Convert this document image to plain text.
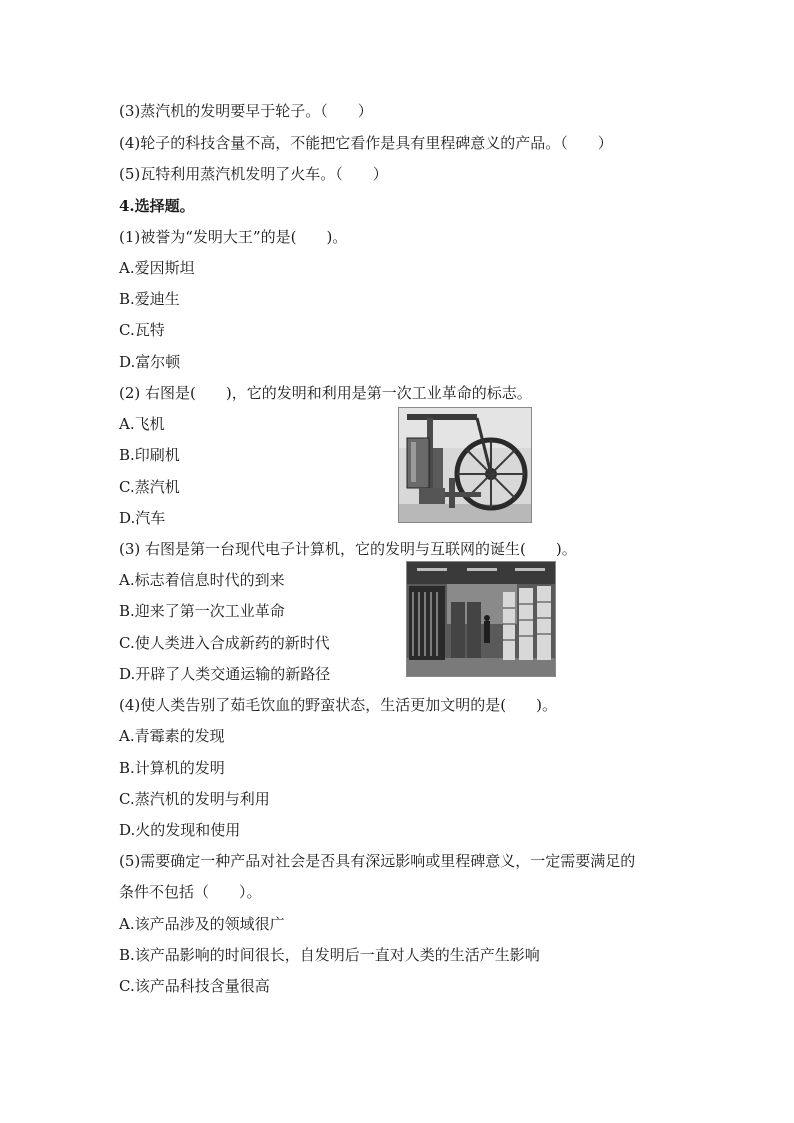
(3)蒸汽机的发明要早于轮子。（　　）
(4)轮子的科技含量不高，不能把它看作是具有里程碑意义的产品。（　　）
(5)瓦特利用蒸汽机发明了火车。（　　）
4.选择题。
(1)被誉为“发明大王”的是(　　)。
A.爱因斯坦
B.爱迪生
C.瓦特
D.富尔顿
(2) 右图是(　　)，它的发明和利用是第一次工业革命的标志。
A.飞机
B.印刷机
C.蒸汽机
D.汽车
(3) 右图是第一台现代电子计算机，它的发明与互联网的诞生(　　)。
A.标志着信息时代的到来
B.迎来了第一次工业革命
C.使人类进入合成新药的新时代
D.开辟了人类交通运输的新路径
(4)使人类告别了茹毛饮血的野蛮状态，生活更加文明的是(　　)。
A.青霉素的发现
B.计算机的发明
C.蒸汽机的发明与利用
D.火的发现和使用
(5)需要确定一种产品对社会是否具有深远影响或里程碑意义，一定需要满足的
条件不包括（　　）。
A.该产品涉及的领域很广
B.该产品影响的时间很长，自发明后一直对人类的生活产生影响
C.该产品科技含量很高
